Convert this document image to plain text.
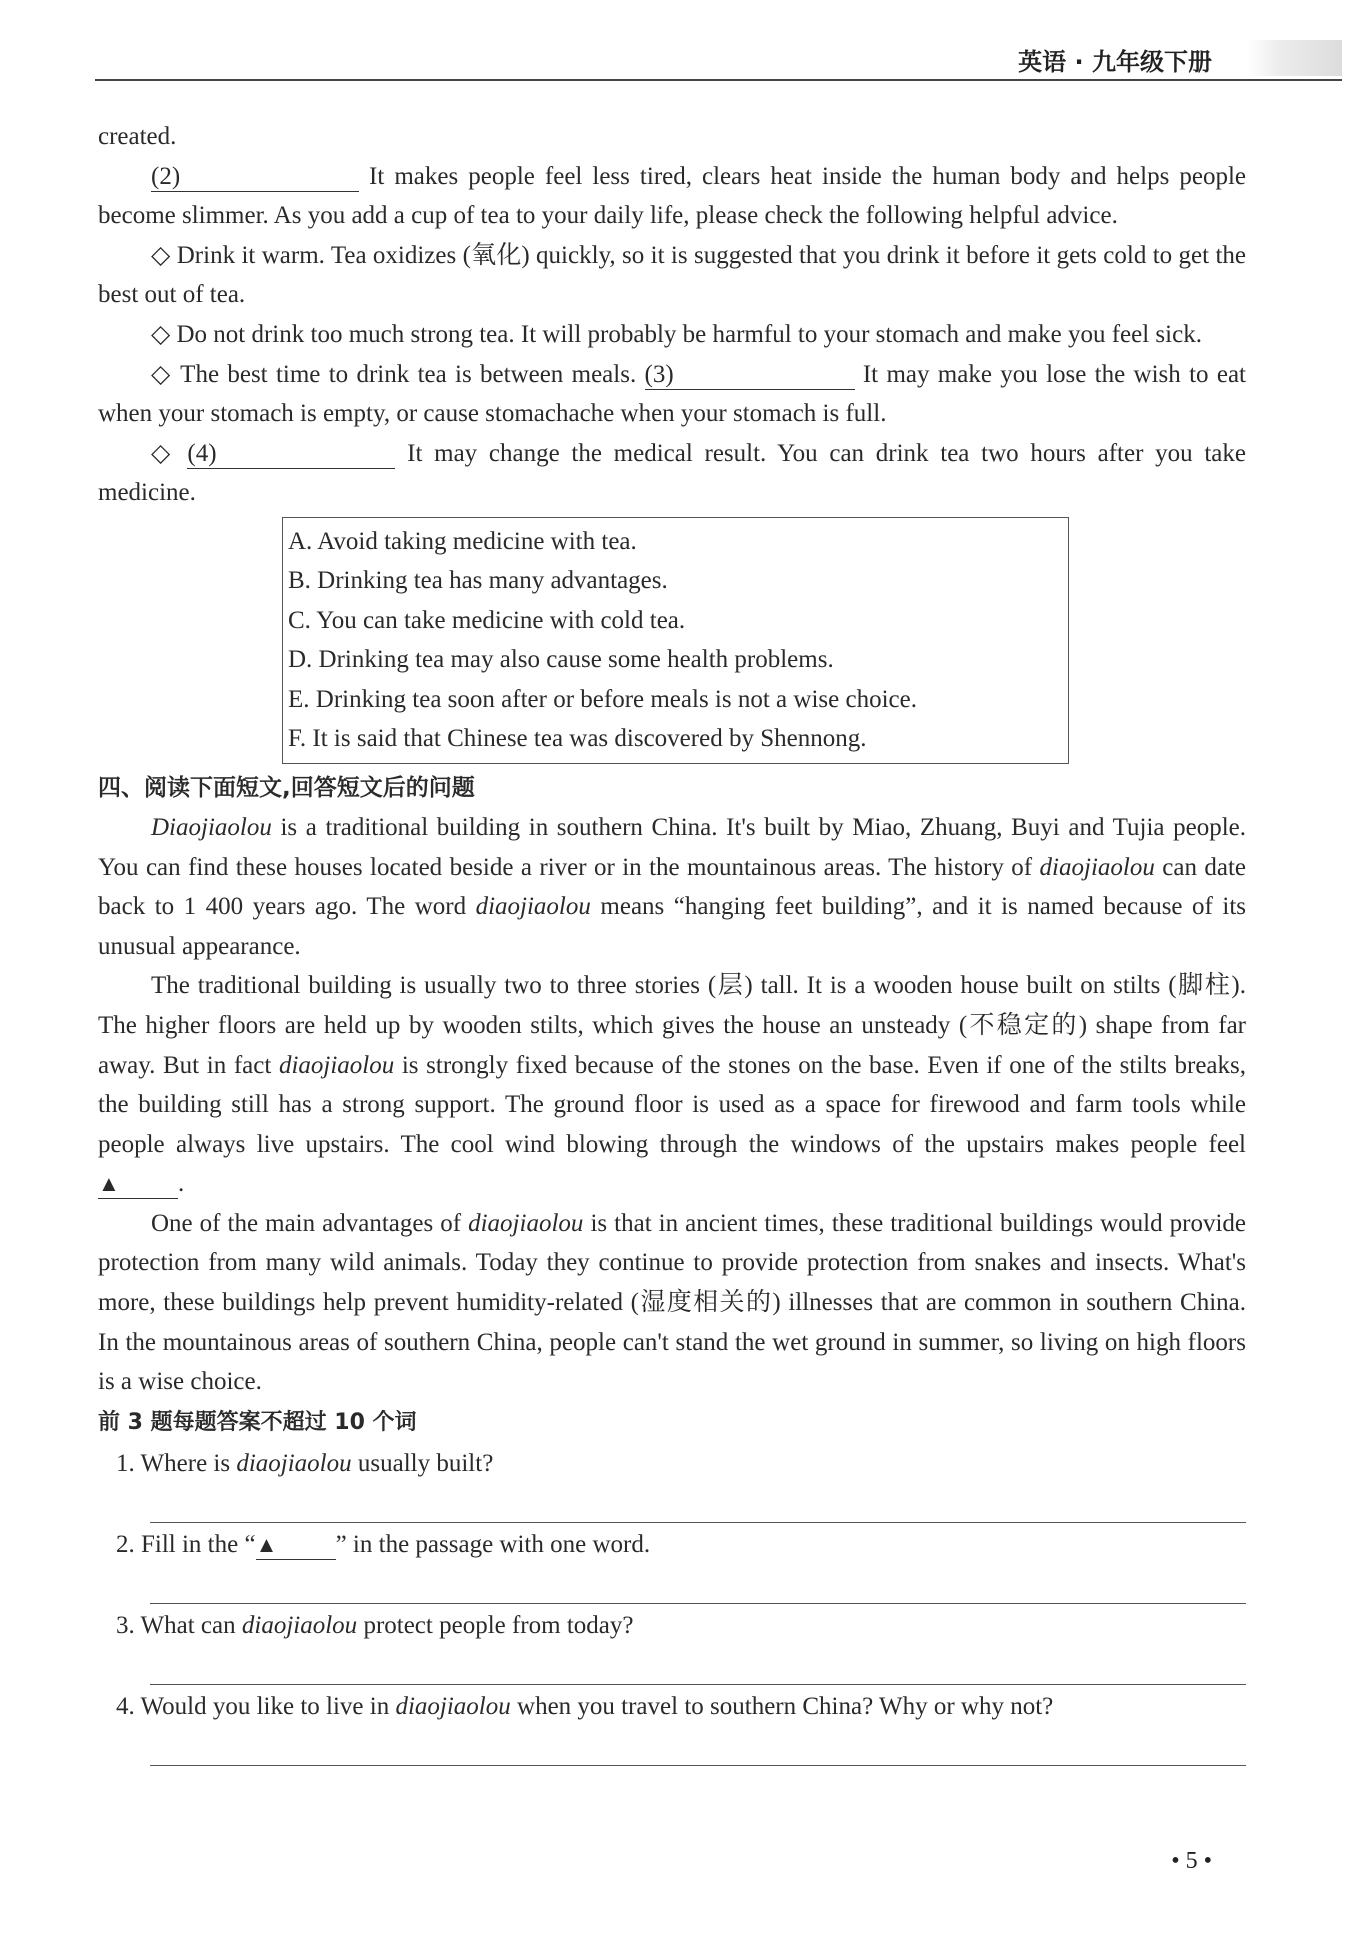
英语 · 九年级下册

created.

(2)	It makes people feel less tired, clears heat inside the human body and helps people become slimmer. As you add a cup of tea to your daily life, please check the following helpful advice.

◇ Drink it warm. Tea oxidizes (氧化) quickly, so it is suggested that you drink it before it gets cold to get the best out of tea.

◇ Do not drink too much strong tea. It will probably be harmful to your stomach and make you feel sick.

◇ The best time to drink tea is between meals. (3)	It may make you lose the wish to eat when your stomach is empty, or cause stomachache when your stomach is full.

◇ (4)	It may change the medical result. You can drink tea two hours after you take medicine.

A. Avoid taking medicine with tea.

B. Drinking tea has many advantages.

C. You can take medicine with cold tea.

D. Drinking tea may also cause some health problems.

E. Drinking tea soon after or before meals is not a wise choice.

F. It is said that Chinese tea was discovered by Shennong.

四、阅读下面短文,回答短文后的问题

Diaojiaolou is a traditional building in southern China. It's built by Miao, Zhuang, Buyi and Tujia people. You can find these houses located beside a river or in the mountainous areas. The history of diaojiaolou can date back to 1 400 years ago. The word diaojiaolou means “hanging feet building”, and it is named because of its unusual appearance.

The traditional building is usually two to three stories (层) tall. It is a wooden house built on stilts (脚柱). The higher floors are held up by wooden stilts, which gives the house an unsteady (不稳定的) shape from far away. But in fact diaojiaolou is strongly fixed because of the stones on the base. Even if one of the stilts breaks, the building still has a strong support. The ground floor is used as a space for firewood and farm tools while people always live upstairs. The cool wind blowing through the windows of the upstairs makes people feel ▲ .

One of the main advantages of diaojiaolou is that in ancient times, these traditional buildings would provide protection from many wild animals. Today they continue to provide protection from snakes and insects. What's more, these buildings help prevent humidity-related (湿度相关的) illnesses that are common in southern China. In the mountainous areas of southern China, people can't stand the wet ground in summer, so living on high floors is a wise choice.

前 3 题每题答案不超过 10 个词

1. Where is diaojiaolou usually built?

2. Fill in the “▲ ” in the passage with one word.

3. What can diaojiaolou protect people from today?

4. Would you like to live in diaojiaolou when you travel to southern China? Why or why not?

• 5 •
